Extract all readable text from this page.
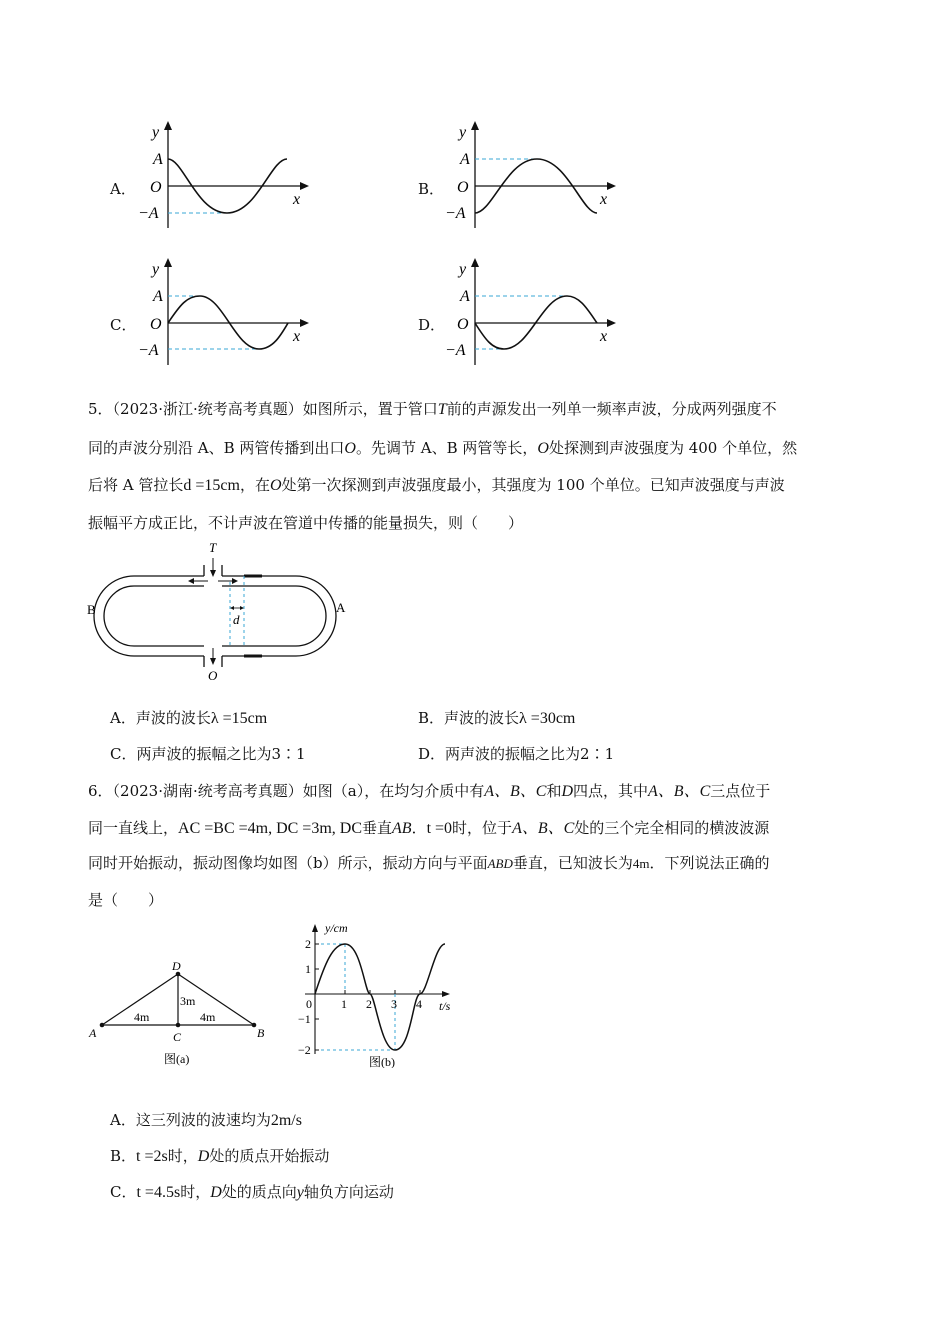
A．	B．
C．	D．
y
A
O
−A
x
y
A
O
−A
x
y
A
O
−A
x
y
A
O
−A
x
5．（2023·浙江·统考高考真题）如图所示，置于管口T前的声源发出一列单一频率声波，分成两列强度不
同的声波分别沿 A、B 两管传播到出口O。先调节 A、B 两管等长，O处探测到声波强度为 400 个单位，然
后将 A 管拉长d =15cm，在O处第一次探测到声波强度最小，其强度为 100 个单位。已知声波强度与声波
振幅平方成正比，不计声波在管道中传播的能量损失，则（　　）
T
O
B	A
d
A．声波的波长λ =15cm	B．声波的波长λ =30cm
C．两声波的振幅之比为3∶1	D．两声波的振幅之比为2∶1
6．（2023·湖南·统考高考真题）如图（a），在均匀介质中有A、B、C和D四点，其中A、B、C三点位于
同一直线上，AC =BC =4m, DC =3m, DC垂直AB．t =0时，位于A、B、C处的三个完全相同的横波波源
同时开始振动，振动图像均如图（b）所示，振动方向与平面ABD垂直，已知波长为4m．下列说法正确的
是（　　）
D
A	B
C
4m	4m
3m
图(a)
y/cm
t/s
2
1
0
−1
−2
1 2 3 4
图(b)
A．这三列波的波速均为2m/s
B．t =2s时，D处的质点开始振动
C．t =4.5s时，D处的质点向y轴负方向运动
